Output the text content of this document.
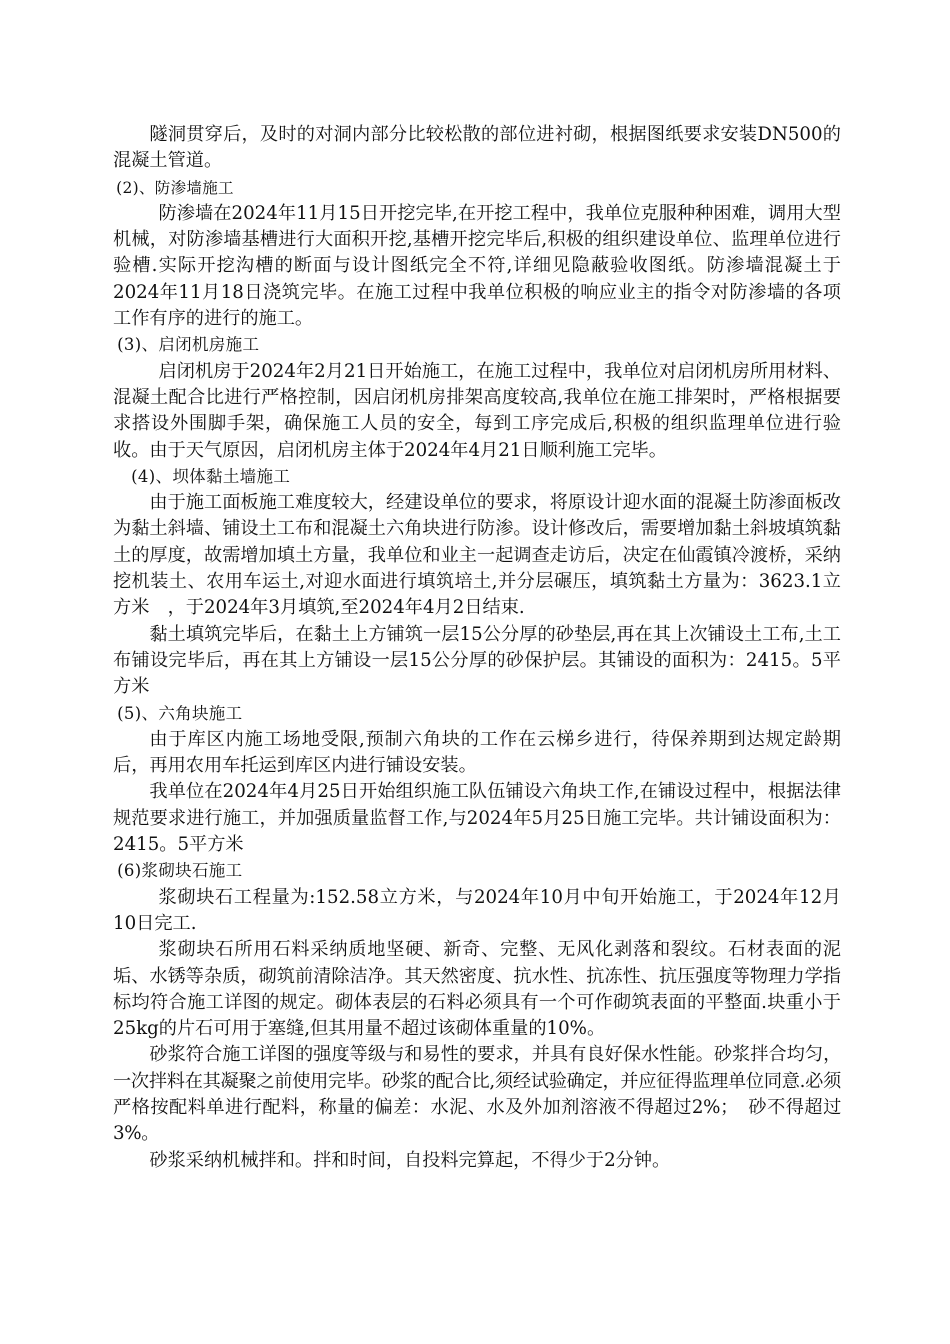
隧洞贯穿后，及时的对洞内部分比较松散的部位进衬砌，根据图纸要求安装DN500的混凝土管道。

(2)、防渗墙施工

防渗墙在2024年11月15日开挖完毕,在开挖工程中，我单位克服种种困难，调用大型机械，对防渗墙基槽进行大面积开挖,基槽开挖完毕后,积极的组织建设单位、监理单位进行验槽.实际开挖沟槽的断面与设计图纸完全不符,详细见隐蔽验收图纸。防渗墙混凝土于2024年11月18日浇筑完毕。在施工过程中我单位积极的响应业主的指令对防渗墙的各项工作有序的进行的施工。

(3)、启闭机房施工

启闭机房于2024年2月21日开始施工，在施工过程中，我单位对启闭机房所用材料、混凝土配合比进行严格控制，因启闭机房排架高度较高,我单位在施工排架时，严格根据要求搭设外围脚手架，确保施工人员的安全，每到工序完成后,积极的组织监理单位进行验收。由于天气原因，启闭机房主体于2024年4月21日顺利施工完毕。

(4)、坝体黏土墙施工

由于施工面板施工难度较大，经建设单位的要求，将原设计迎水面的混凝土防渗面板改为黏土斜墙、铺设土工布和混凝土六角块进行防渗。设计修改后，需要增加黏土斜坡填筑黏土的厚度，故需增加填土方量，我单位和业主一起调查走访后，决定在仙霞镇冷渡桥，采纳挖机装土、农用车运土,对迎水面进行填筑培土,并分层碾压，填筑黏土方量为：3623.1立方米　，于2024年3月填筑,至2024年4月2日结束.

黏土填筑完毕后，在黏土上方铺筑一层15公分厚的砂垫层,再在其上次铺设土工布,土工布铺设完毕后，再在其上方铺设一层15公分厚的砂保护层。其铺设的面积为：2415。5平方米

(5)、六角块施工

由于库区内施工场地受限,预制六角块的工作在云梯乡进行，待保养期到达规定龄期后，再用农用车托运到库区内进行铺设安装。

我单位在2024年4月25日开始组织施工队伍铺设六角块工作,在铺设过程中，根据法律规范要求进行施工，并加强质量监督工作,与2024年5月25日施工完毕。共计铺设面积为：2415。5平方米

(6)浆砌块石施工

浆砌块石工程量为:152.58立方米，与2024年10月中旬开始施工，于2024年12月10日完工.

浆砌块石所用石料采纳质地坚硬、新奇、完整、无风化剥落和裂纹。石材表面的泥垢、水锈等杂质，砌筑前清除洁净。其天然密度、抗水性、抗冻性、抗压强度等物理力学指标均符合施工详图的规定。砌体表层的石料必须具有一个可作砌筑表面的平整面.块重小于25kg的片石可用于塞缝,但其用量不超过该砌体重量的10%。

砂浆符合施工详图的强度等级与和易性的要求，并具有良好保水性能。砂浆拌合均匀，一次拌料在其凝聚之前使用完毕。砂浆的配合比,须经试验确定，并应征得监理单位同意.必须严格按配料单进行配料，称量的偏差：水泥、水及外加剂溶液不得超过2%；　砂不得超过3%。

砂浆采纳机械拌和。拌和时间，自投料完算起，不得少于2分钟。
